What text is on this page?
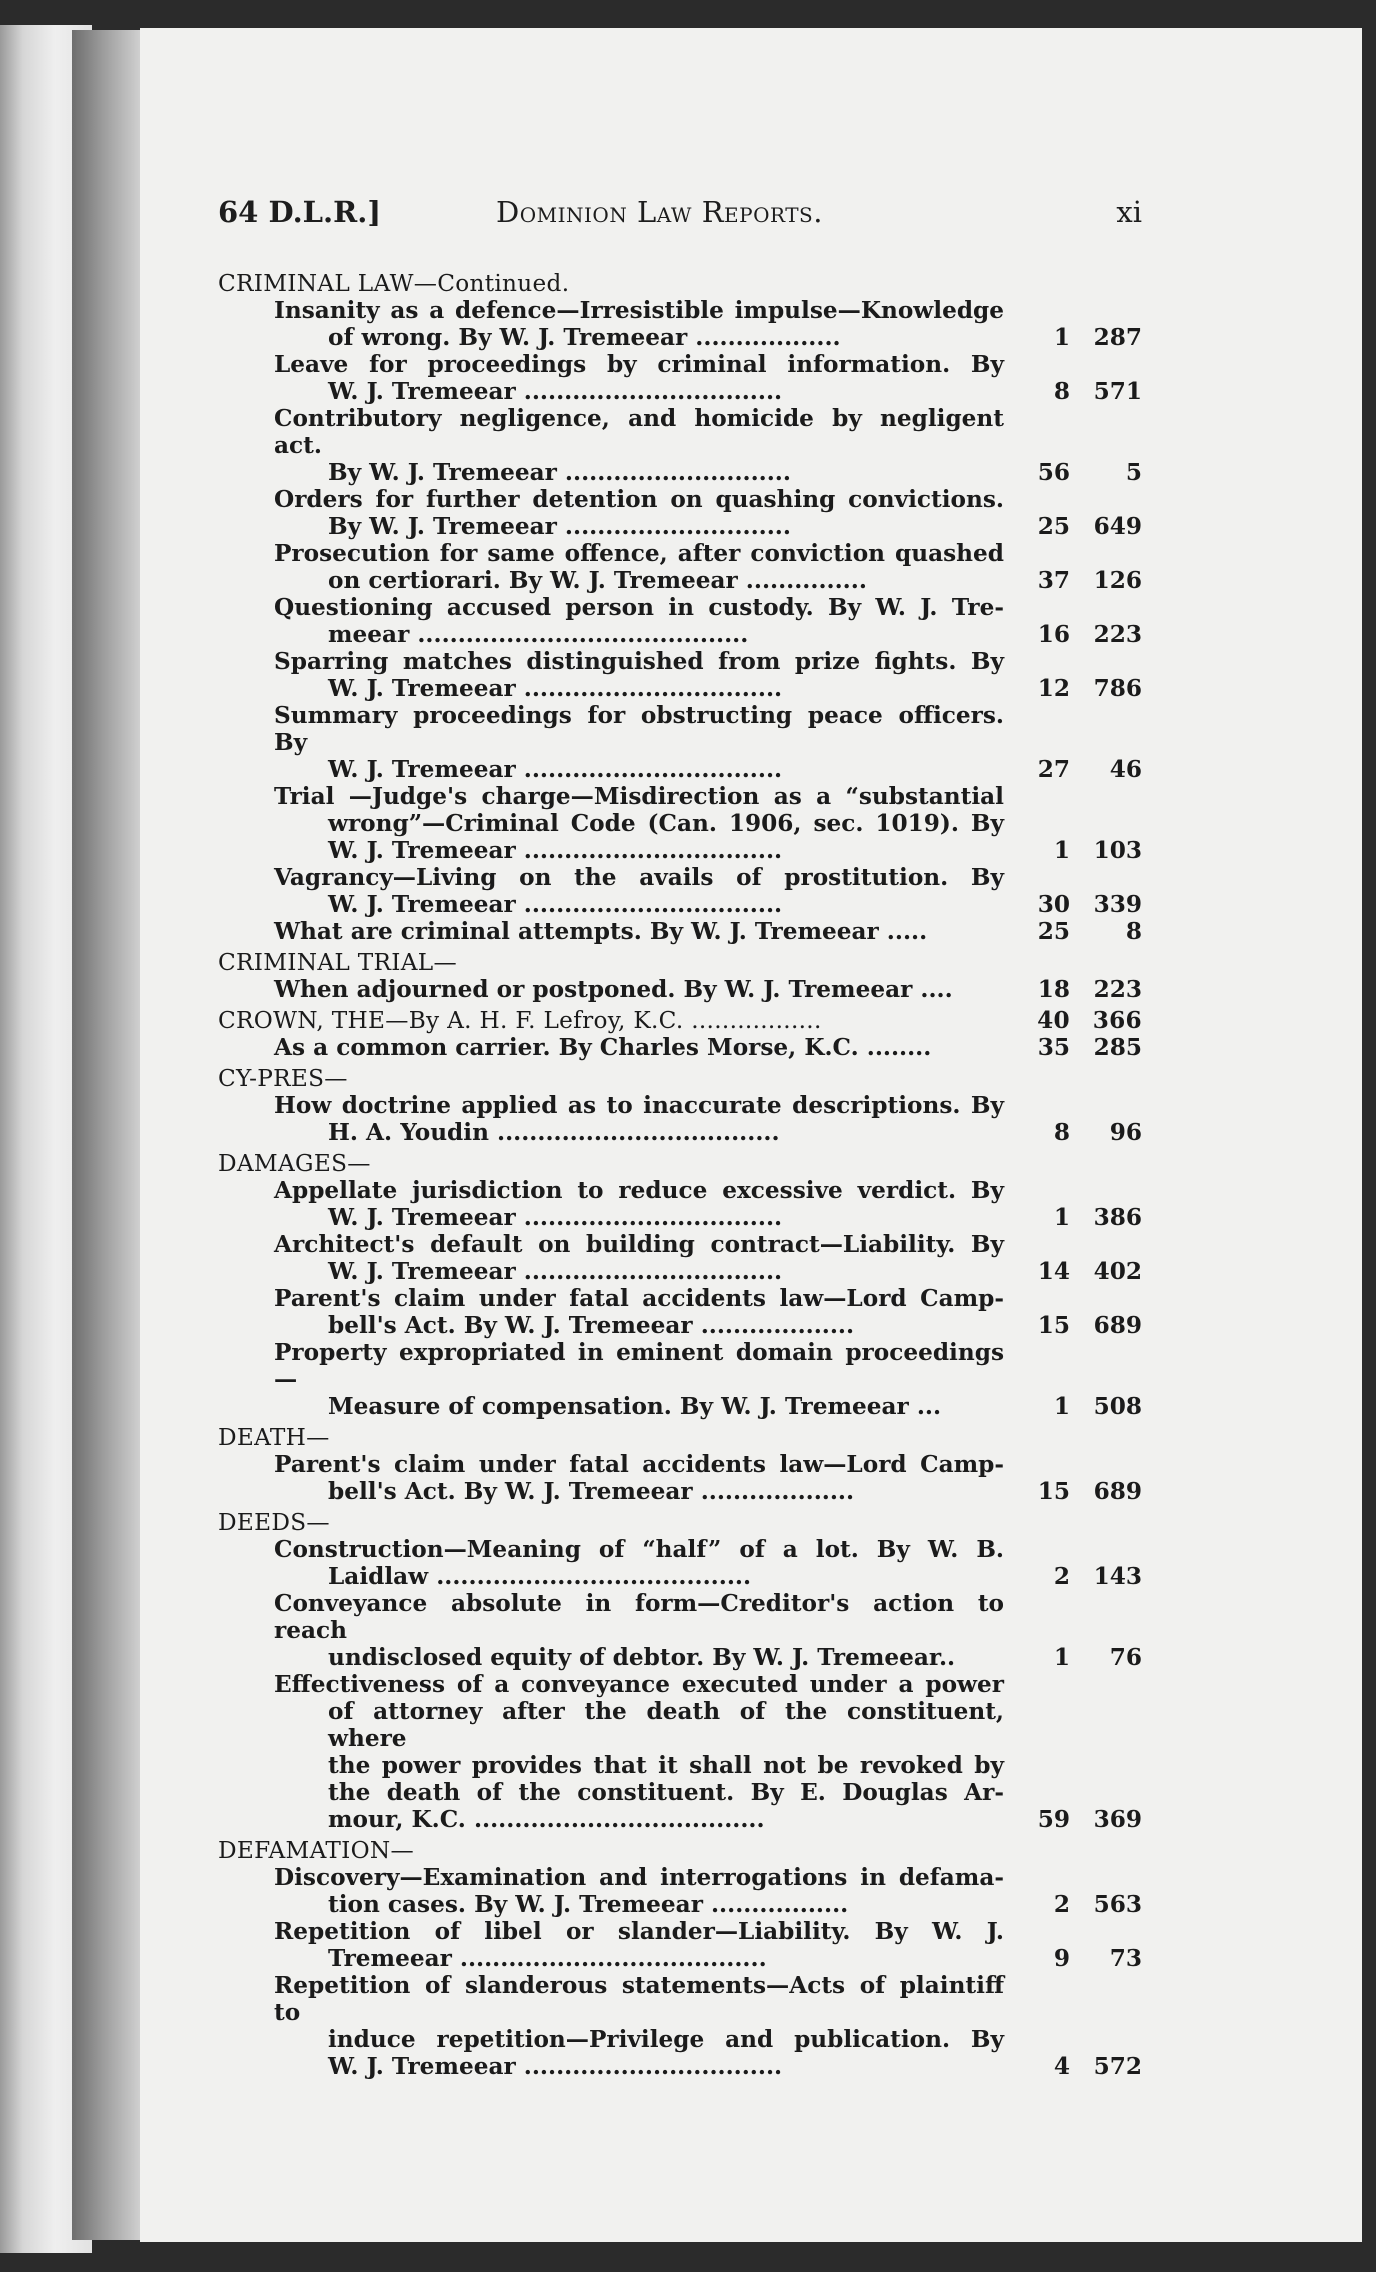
64 D.L.R.]	Dominion Law Reports.	xi
CRIMINAL LAW—Continued.
Insanity as a defence—Irresistible impulse—Knowledge
of wrong. By W. J. Tremeear ..................	1	287
Leave for proceedings by criminal information. By
W. J. Tremeear ................................	8	571
Contributory negligence, and homicide by negligent act.
By W. J. Tremeear ............................	56	5
Orders for further detention on quashing convictions.
By W. J. Tremeear ............................	25	649
Prosecution for same offence, after conviction quashed
on certiorari. By W. J. Tremeear ...............	37	126
Questioning accused person in custody. By W. J. Tre-
meear .........................................	16	223
Sparring matches distinguished from prize fights. By
W. J. Tremeear ................................	12	786
Summary proceedings for obstructing peace officers. By
W. J. Tremeear ................................	27	46
Trial —Judge's charge—Misdirection as a “substantial
wrong”—Criminal Code (Can. 1906, sec. 1019). By
W. J. Tremeear ................................	1	103
Vagrancy—Living on the avails of prostitution. By
W. J. Tremeear ................................	30	339
What are criminal attempts. By W. J. Tremeear .....	25	8
CRIMINAL TRIAL—
When adjourned or postponed. By W. J. Tremeear ....	18	223
CROWN, THE—By A. H. F. Lefroy, K.C. .................	40 366
As a common carrier. By Charles Morse, K.C. ........	35	285
CY-PRES—
How doctrine applied as to inaccurate descriptions. By
H. A. Youdin ...................................	8	96
DAMAGES—
Appellate jurisdiction to reduce excessive verdict. By
W. J. Tremeear ................................	1	386
Architect's default on building contract—Liability. By
W. J. Tremeear ................................	14	402
Parent's claim under fatal accidents law—Lord Camp-
bell's Act. By W. J. Tremeear ...................	15	689
Property expropriated in eminent domain proceedings—
Measure of compensation. By W. J. Tremeear ...	1	508
DEATH—
Parent's claim under fatal accidents law—Lord Camp-
bell's Act. By W. J. Tremeear ...................	15	689
DEEDS—
Construction—Meaning of “half” of a lot. By W. B.
Laidlaw .......................................	2	143
Conveyance absolute in form—Creditor's action to reach
undisclosed equity of debtor. By W. J. Tremeear..	1	76
Effectiveness of a conveyance executed under a power
of attorney after the death of the constituent, where
the power provides that it shall not be revoked by
the death of the constituent. By E. Douglas Ar-
mour, K.C. ....................................	59	369
DEFAMATION—
Discovery—Examination and interrogations in defama-
tion cases. By W. J. Tremeear .................	2	563
Repetition of libel or slander—Liability. By W. J.
Tremeear ......................................	9	73
Repetition of slanderous statements—Acts of plaintiff to
induce repetition—Privilege and publication. By
W. J. Tremeear ................................	4	572
